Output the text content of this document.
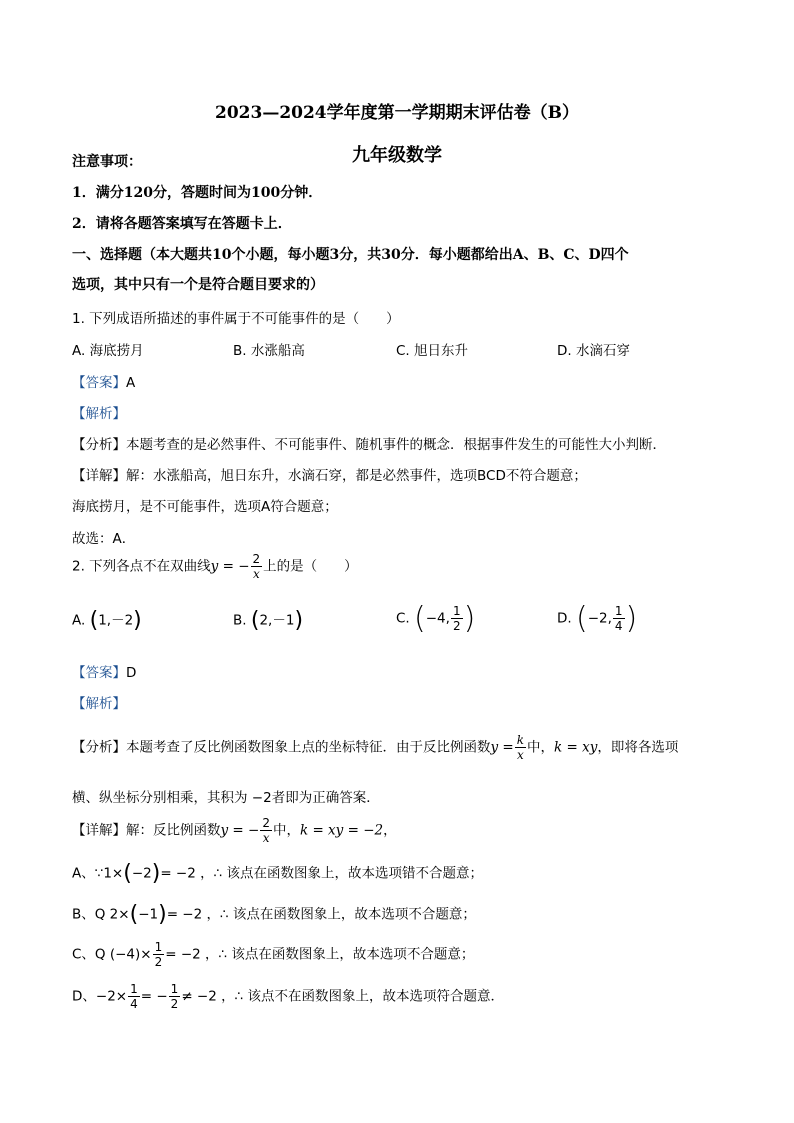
2023—2024学年度第一学期期末评估卷（B）
九年级数学
注意事项：
1．满分120分，答题时间为100分钟．
2．请将各题答案填写在答题卡上．
一、选择题（本大题共10个小题，每小题3分，共30分．每小题都给出A、B、C、D四个
选项，其中只有一个是符合题目要求的）
1. 下列成语所描述的事件属于不可能事件的是（　　）
A. 海底捞月	B. 水涨船高	C. 旭日东升	D. 水滴石穿
【答案】A
【解析】
【分析】本题考查的是必然事件、不可能事件、随机事件的概念．根据事件发生的可能性大小判断．
【详解】解：水涨船高，旭日东升，水滴石穿，都是必然事件，选项BCD不符合题意；
海底捞月，是不可能事件，选项A符合题意；
故选：A．
2. 下列各点不在双曲线y = − $\frac{2}{x}$ 上的是（　　）
A. (1,－2)	B. (2,－1)	C. (−4, $\frac{1}{2}$ )	D. (−2, $\frac{1}{4}$ )
【答案】D
【解析】
【分析】本题考查了反比例函数图象上点的坐标特征．由于反比例函数$y = \frac{k}{x}$ 中，k = xy，即将各选项
横、纵坐标分别相乘，其积为 −2者即为正确答案．
【详解】解：反比例函数y = − $\frac{2}{x}$ 中，k = xy = −2，
A、∵1×(−2)= −2 ，∴ 该点在函数图象上，故本选项错不合题意；
B、Q 2×(−1)= −2 ，∴ 该点在函数图象上，故本选项不合题意；
C、Q $(-4)\times \frac{1}{2} = -2$ ，∴ 该点在函数图象上，故本选项不合题意；
D、$-2\times \frac{1}{4}$ = − $\frac{1}{2} \ne -2$ ，∴ 该点不在函数图象上，故本选项符合题意．
